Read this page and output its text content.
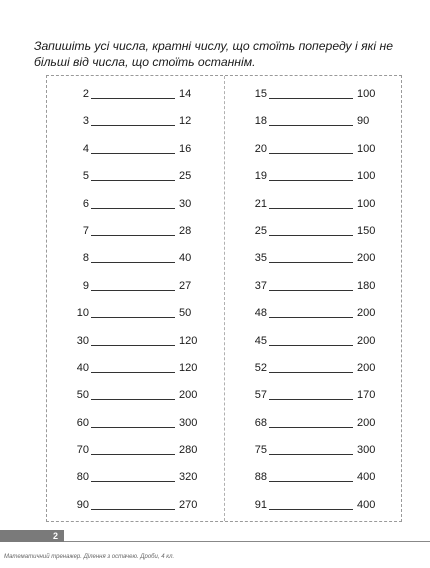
Запишіть усі числа, кратні числу, що стоїть попереду і які не
більші від числа, що стоїть останнім.
2	14
3	12
4	16
5	25
6	30
7	28
8	40
9	27
10	50
30	120
40	120
50	200
60	300
70	280
80	320
90	270
15	100
18	90
20	100
19	100
21	100
25	150
35	200
37	180
48	200
45	200
52	200
57	170
68	200
75	300
88	400
91	400
2
Математичний тренажер. Ділення з остачею. Дроби, 4 кл.
